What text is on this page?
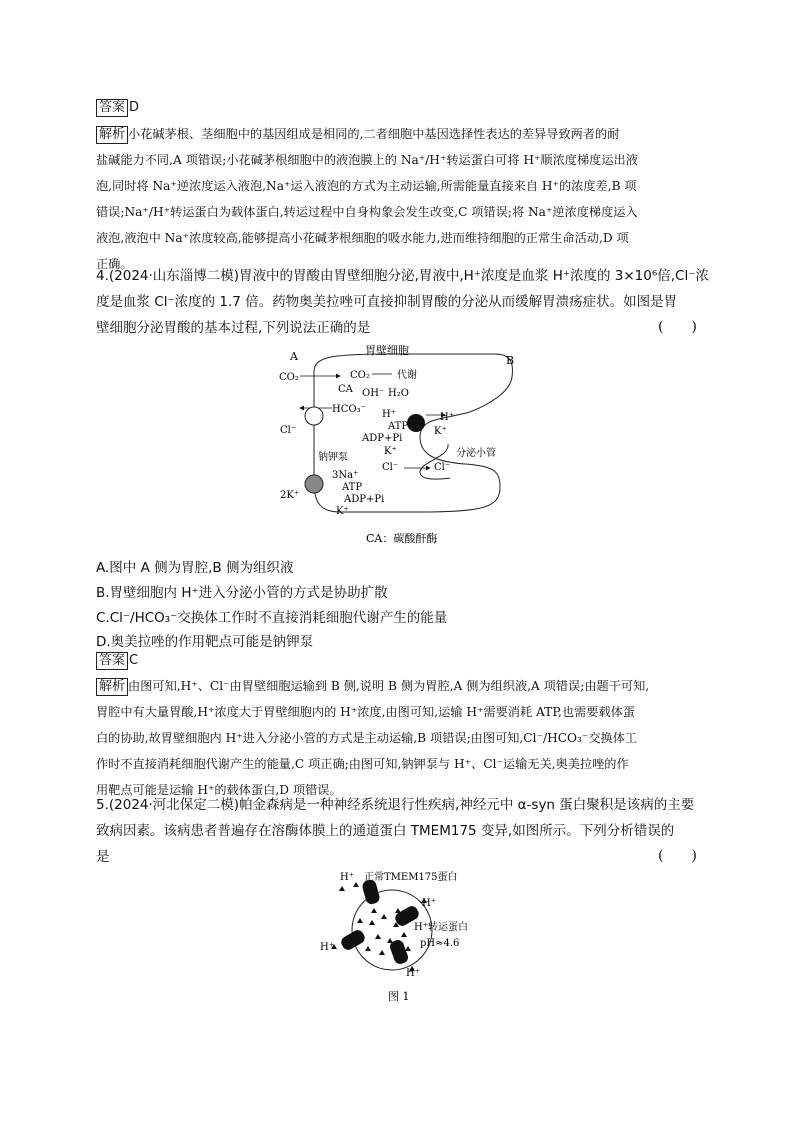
答案 D
解析 小花碱茅根、茎细胞中的基因组成是相同的,二者细胞中基因选择性表达的差异导致两者的耐
盐碱能力不同,A 项错误;小花碱茅根细胞中的液泡膜上的 Na⁺/H⁺转运蛋白可将 H⁺顺浓度梯度运出液
泡,同时将 Na⁺逆浓度运入液泡,Na⁺运入液泡的方式为主动运输,所需能量直接来自 H⁺的浓度差,B 项
错误;Na⁺/H⁺转运蛋白为载体蛋白,转运过程中自身构象会发生改变,C 项错误;将 Na⁺逆浓度梯度运入
液泡,液泡中 Na⁺浓度较高,能够提高小花碱茅根细胞的吸水能力,进而维持细胞的正常生命活动,D 项
正确。
4.(2024·山东淄博二模)胃液中的胃酸由胃壁细胞分泌,胃液中,H⁺浓度是血浆 H⁺浓度的 3×10⁶倍,Cl⁻浓
度是血浆 Cl⁻浓度的 1.7 倍。药物奥美拉唑可直接抑制胃酸的分泌从而缓解胃溃疡症状。如图是胃
壁细胞分泌胃酸的基本过程,下列说法正确的是	(　　)
A	B
胃壁细胞
CO₂	CO₂	代谢
CA OH⁻ H₂O
HCO₃⁻ H⁺	H⁺
ATP
ADP+Pi
K⁺
K⁺
Cl⁻
Cl⁻	Cl⁻
分泌小管
钠钾泵
3Na⁺
ATP
2K⁺	ADP+Pi
K⁺
CA：碳酸酐酶
A.图中 A 侧为胃腔,B 侧为组织液
B.胃壁细胞内 H⁺进入分泌小管的方式是协助扩散
C.Cl⁻/HCO₃⁻交换体工作时不直接消耗细胞代谢产生的能量
D.奥美拉唑的作用靶点可能是钠钾泵
答案 C
解析 由图可知,H⁺、Cl⁻由胃壁细胞运输到 B 侧,说明 B 侧为胃腔,A 侧为组织液,A 项错误;由题干可知,
胃腔中有大量胃酸,H⁺浓度大于胃壁细胞内的 H⁺浓度,由图可知,运输 H⁺需要消耗 ATP,也需要载体蛋
白的协助,故胃壁细胞内 H⁺进入分泌小管的方式是主动运输,B 项错误;由图可知,Cl⁻/HCO₃⁻交换体工
作时不直接消耗细胞代谢产生的能量,C 项正确;由图可知,钠钾泵与 H⁺、Cl⁻运输无关,奥美拉唑的作
用靶点可能是运输 H⁺的载体蛋白,D 项错误。
5.(2024·河北保定二模)帕金森病是一种神经系统退行性疾病,神经元中 α-syn 蛋白聚积是该病的主要
致病因素。该病患者普遍存在溶酶体膜上的通道蛋白 TMEM175 变异,如图所示。下列分析错误的
是	(　　)
H⁺ 正常TMEM175蛋白
H⁺
H⁺转运蛋白
pH≈4.6
H⁺
H⁺
图 1
